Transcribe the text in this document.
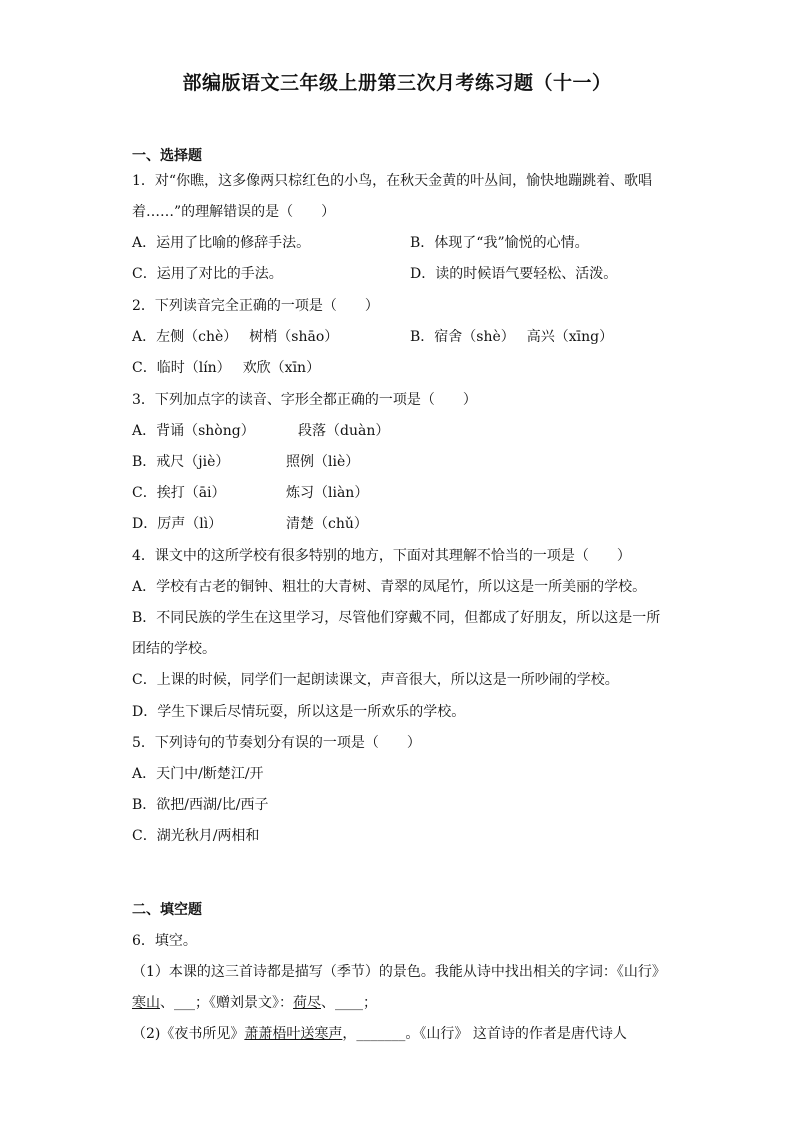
部编版语文三年级上册第三次月考练习题（十一）
一、选择题
1．对“你瞧，这多像两只棕红色的小鸟，在秋天金黄的叶丛间，愉快地蹦跳着、歌唱
着……”的理解错误的是（　　）
A．运用了比喻的修辞手法。	B．体现了“我”愉悦的心情。
C．运用了对比的手法。	D．读的时候语气要轻松、活泼。
2．下列读音完全正确的一项是（　　）
A．左侧（chè） 树梢（shāo）	B．宿舍（shè） 高兴（xīng）
C．临时（lín） 欢欣（xīn）
3．下列加点字的读音、字形全都正确的一项是（　　）
A．背诵（shòng）	段落（duàn）
B．戒尺（jiè）	照例（liè）
C．挨打（āi）	炼习（liàn）
D．厉声（lì）	清楚（chǔ）
4．课文中的这所学校有很多特别的地方，下面对其理解不恰当的一项是（　　）
A．学校有古老的铜钟、粗壮的大青树、青翠的凤尾竹，所以这是一所美丽的学校。
B．不同民族的学生在这里学习，尽管他们穿戴不同，但都成了好朋友，所以这是一所
团结的学校。
C．上课的时候，同学们一起朗读课文，声音很大，所以这是一所吵闹的学校。
D．学生下课后尽情玩耍，所以这是一所欢乐的学校。
5．下列诗句的节奏划分有误的一项是（　　）
A．天门中/断楚江/开
B．欲把/西湖/比/西子
C．湖光秋月/两相和
二、填空题
6．填空。
（1）本课的这三首诗都是描写（季节）的景色。我能从诗中找出相关的字词：《山行》
寒山、___；《赠刘景文》：荷尽、____；
（2)《夜书所见》萧萧梧叶送寒声，_______。《山行》 这首诗的作者是唐代诗人
